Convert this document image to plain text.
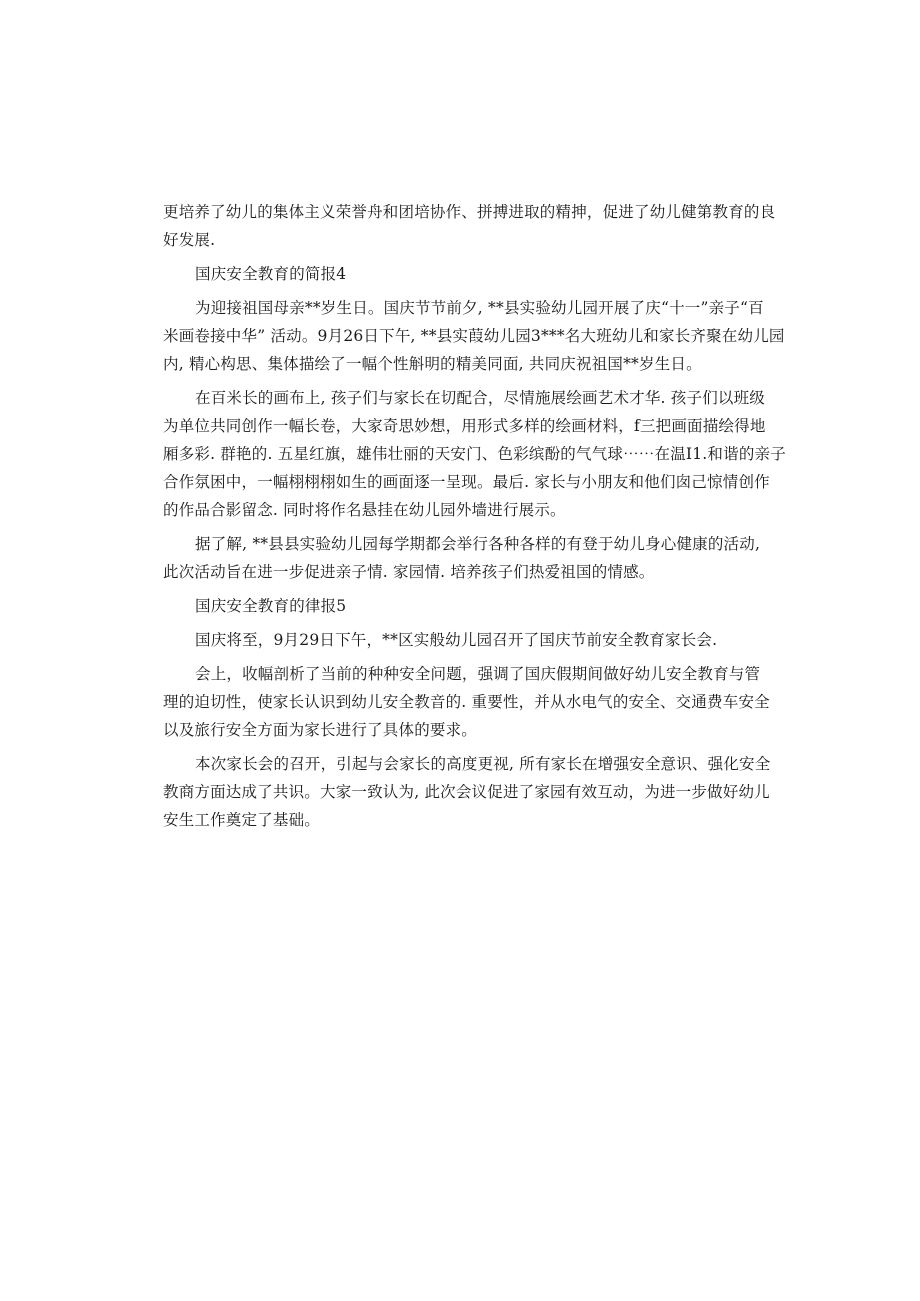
更培养了幼儿的集体主义荣誉舟和团培协作、拼搏进取的精抻，促进了幼儿健第教育的良
好发展.
国庆安全教育的简报4
为迎接祖国母亲**岁生日。国庆节节前夕, **县实验幼儿园开展了庆“十一”亲子“百
米画卷接中华” 活动。9月26日下午, **县实葭幼儿园3***名大班幼儿和家长齐聚在幼儿园
内, 精心构思、集体描绘了一幅个性斛明的精美同面, 共同庆祝祖国**岁生日。
在百米长的画布上, 孩子们与家长在切配合，尽情施展绘画艺术才华. 孩子们以班级
为单位共同创作一幅长卷，大家奇思妙想，用形式多样的绘画材料，f三把画面描绘得地
厢多彩. 群艳的. 五星红旗，雄伟壮丽的天安门、色彩缤酚的气气球⋯⋯在温I1.和谐的亲子
合作氛困中，一幅栩栩栩如生的画面逐一呈现。最后. 家长与小朋友和他们囱己惊情创作
的作品合影留念. 同时将作名悬挂在幼儿园外墙进行展示。
据了解, **县县实验幼儿园每学期都会举行各种各样的有登于幼儿身心健康的活动,
此次活动旨在进一步促进亲子情. 家园情. 培养孩子们热爱祖国的情感。
国庆安全教育的律报5
国庆将至，9月29日下午，**区实般幼儿园召开了国庆节前安全教育家长会.
会上，收幅剖析了当前的种种安全问题，强调了国庆假期间做好幼儿安全教育与管
理的迫切性，使家长认识到幼儿安全教音的. 重要性，并从水电气的安全、交通费车安全
以及旅行安全方面为家长进行了具体的要求。
本次家长会的召开，引起与会家长的高度更视, 所有家长在增强安全意识、强化安全
教商方面达成了共识。大家一致认为, 此次会议促进了家园有效互动，为进一步做好幼儿
安生工作奠定了基础。
